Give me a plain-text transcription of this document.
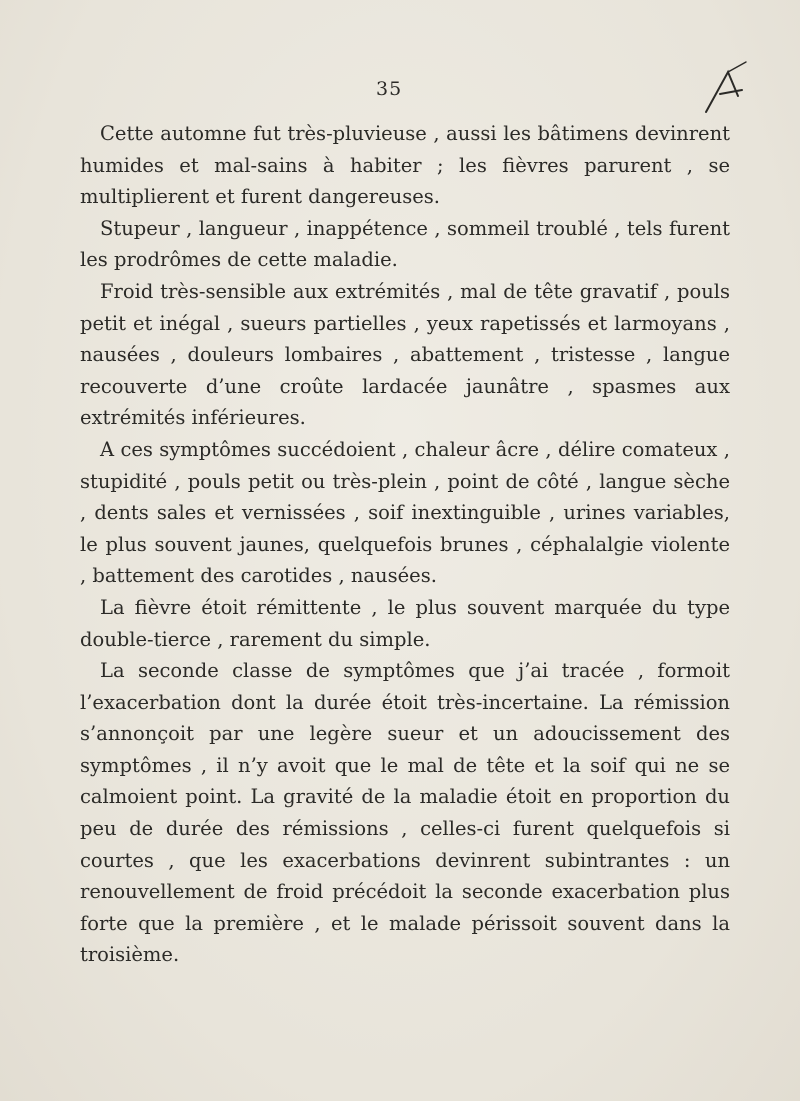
35

Cette automne fut très-pluvieuse , aussi les bâtimens devinrent humides et mal-sains à habiter ; les fièvres parurent , se multiplierent et furent dangereuses.

Stupeur , langueur , inappétence , sommeil troublé , tels furent les prodrômes de cette maladie.

Froid très-sensible aux extrémités , mal de tête gravatif , pouls petit et inégal , sueurs partielles , yeux rapetissés et larmoyans , nausées , douleurs lombaires , abattement , tristesse , langue recouverte d’une croûte lardacée jaunâtre , spasmes aux extrémités inférieures.

A ces symptômes succédoient , chaleur âcre , délire comateux , stupidité , pouls petit ou très-plein , point de côté , langue sèche , dents sales et vernissées , soif inextinguible , urines variables, le plus souvent jaunes, quelquefois brunes , céphalalgie violente , battement des carotides , nausées.

La fièvre étoit rémittente , le plus souvent marquée du type double-tierce , rarement du simple.

La seconde classe de symptômes que j’ai tracée , formoit l’exacerbation dont la durée étoit très-incertaine. La rémission s’annonçoit par une legère sueur et un adoucissement des symptômes , il n’y avoit que le mal de tête et la soif qui ne se calmoient point. La gravité de la maladie étoit en proportion du peu de durée des rémissions , celles-ci furent quelquefois si courtes , que les exacerbations devinrent subintrantes : un renouvellement de froid précédoit la seconde exacerbation plus forte que la première , et le malade périssoit souvent dans la troisième.
